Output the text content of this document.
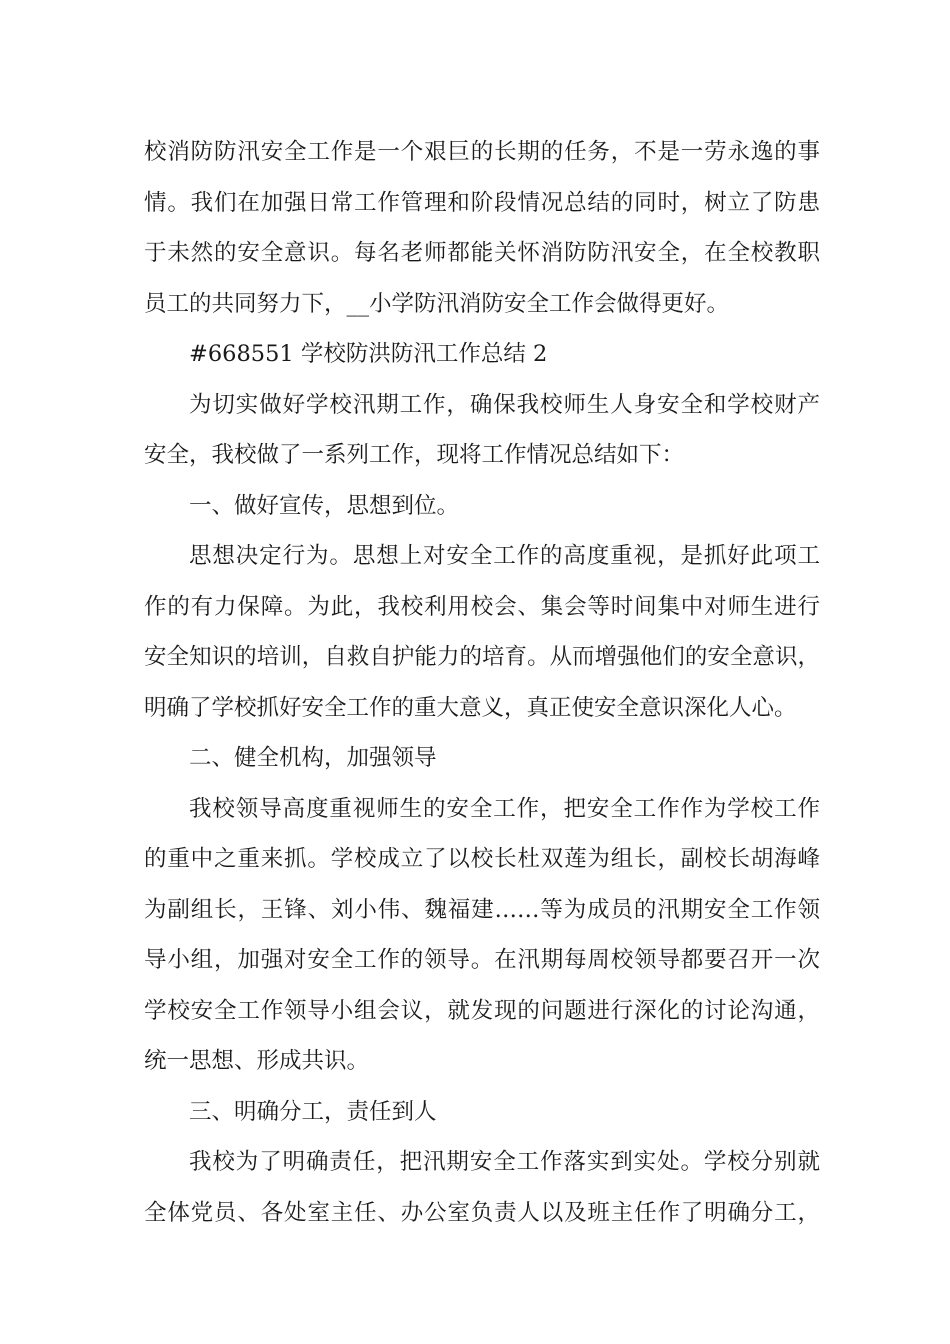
校消防防汛安全工作是一个艰巨的长期的任务，不是一劳永逸的事
情。我们在加强日常工作管理和阶段情况总结的同时，树立了防患
于未然的安全意识。每名老师都能关怀消防防汛安全，在全校教职
员工的共同努力下，__小学防汛消防安全工作会做得更好。
#668551 学校防洪防汛工作总结 2
为切实做好学校汛期工作，确保我校师生人身安全和学校财产
安全，我校做了一系列工作，现将工作情况总结如下：
一、做好宣传，思想到位。
思想决定行为。思想上对安全工作的高度重视，是抓好此项工
作的有力保障。为此，我校利用校会、集会等时间集中对师生进行
安全知识的培训，自救自护能力的培育。从而增强他们的安全意识，
明确了学校抓好安全工作的重大意义，真正使安全意识深化人心。
二、健全机构，加强领导
我校领导高度重视师生的安全工作，把安全工作作为学校工作
的重中之重来抓。学校成立了以校长杜双莲为组长，副校长胡海峰
为副组长，王锋、刘小伟、魏福建……等为成员的汛期安全工作领
导小组，加强对安全工作的领导。在汛期每周校领导都要召开一次
学校安全工作领导小组会议，就发现的问题进行深化的讨论沟通，
统一思想、形成共识。
三、明确分工，责任到人
我校为了明确责任，把汛期安全工作落实到实处。学校分别就
全体党员、各处室主任、办公室负责人以及班主任作了明确分工，
